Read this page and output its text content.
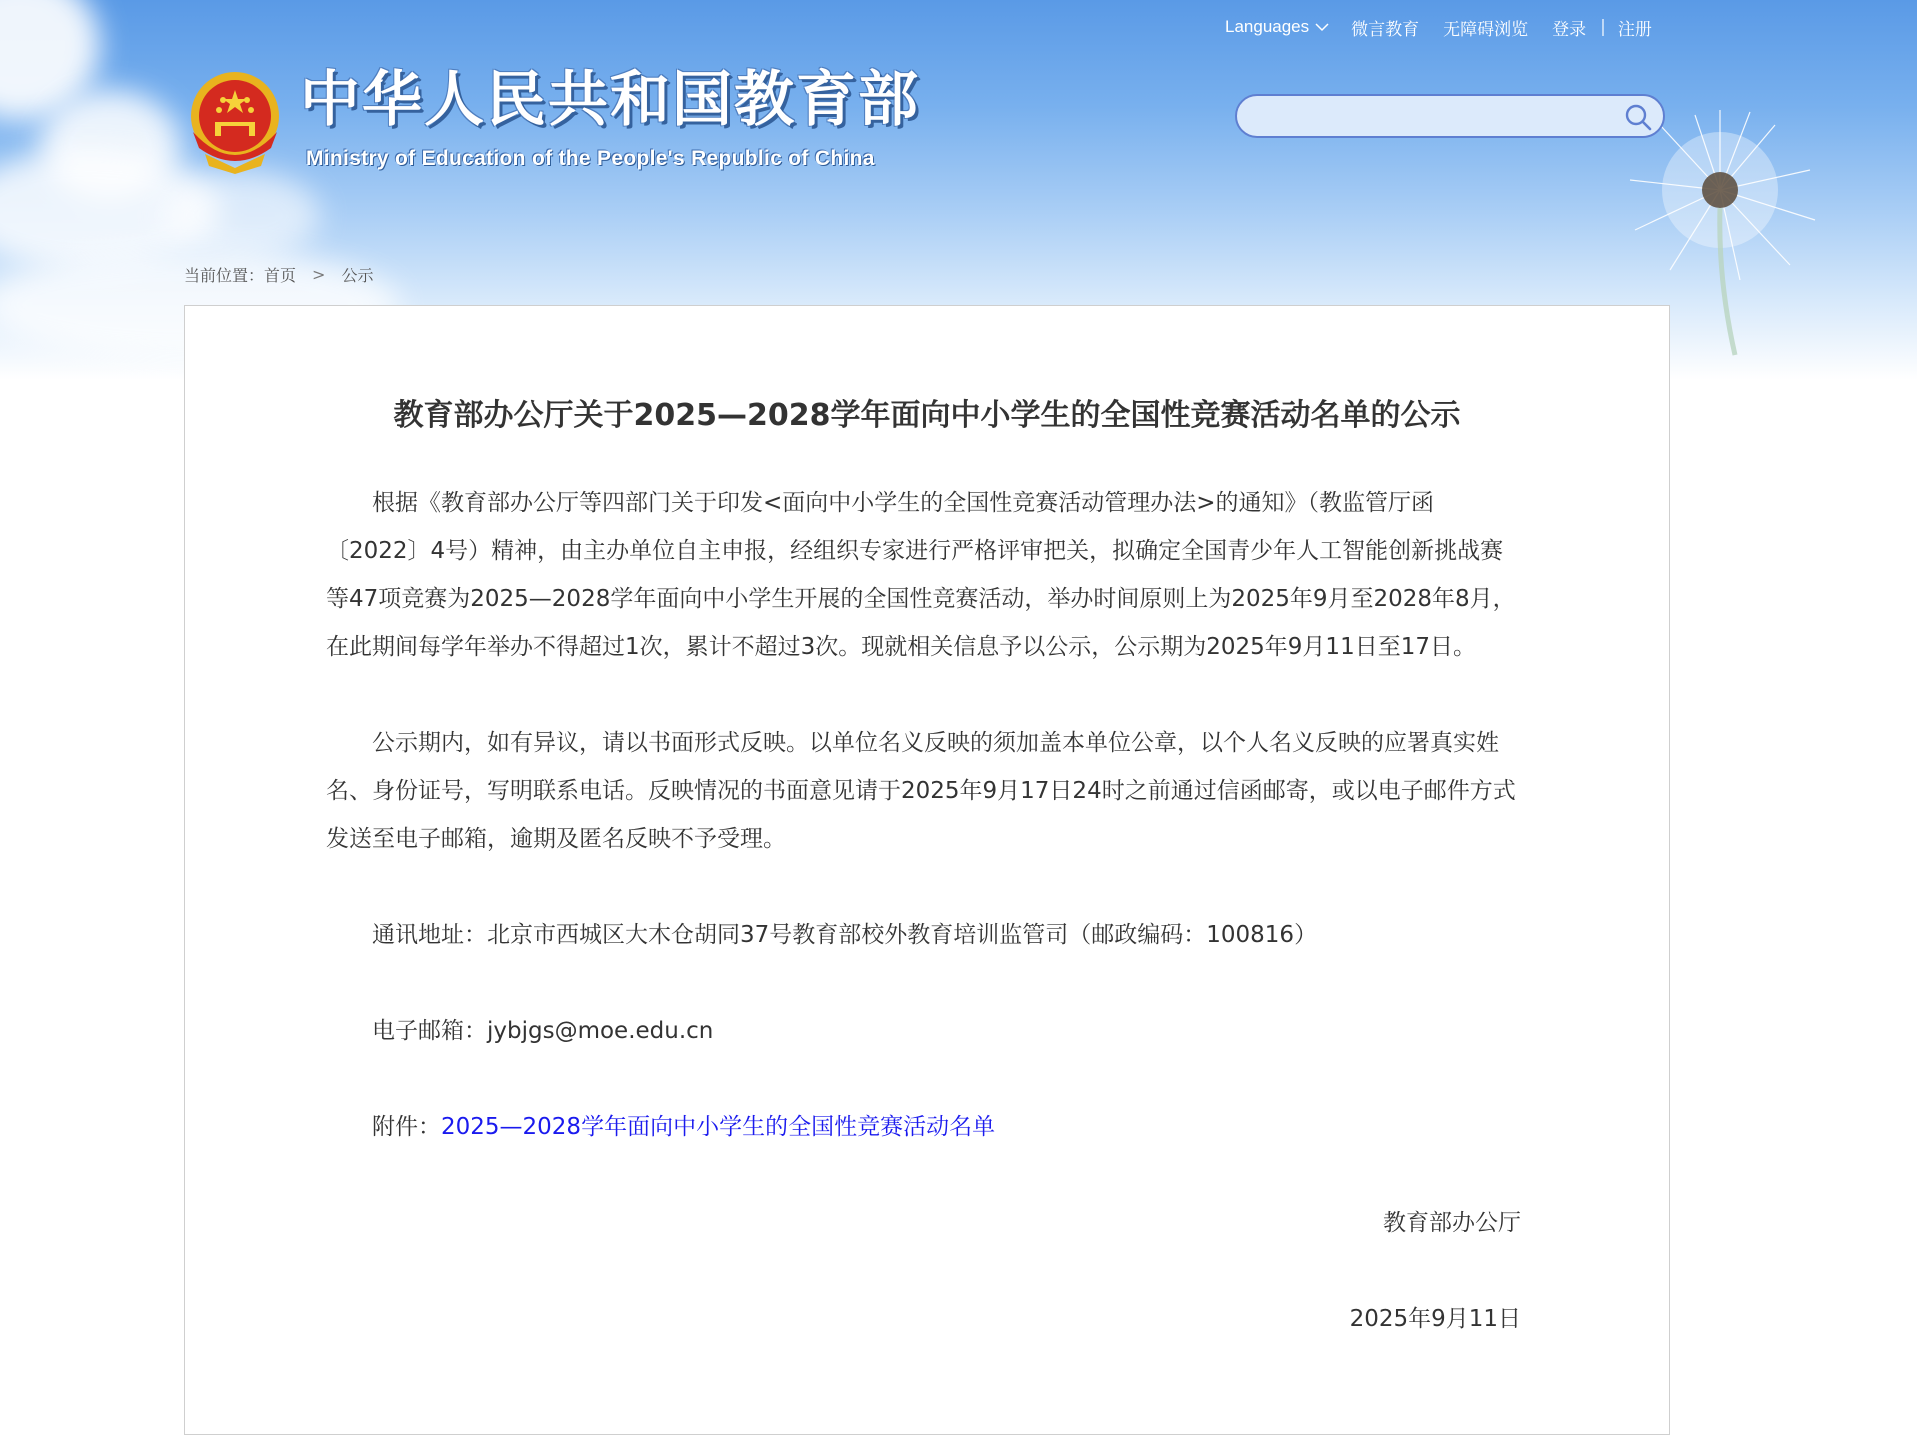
中华人民共和国教育部
Ministry of Education of the People's Republic of China
Languages 微言教育 无障碍浏览 登录 | 注册
当前位置： 首页 > 公示
教育部办公厅关于2025—2028学年面向中小学生的全国性竞赛活动名单的公示

根据《教育部办公厅等四部门关于印发<面向中小学生的全国性竞赛活动管理办法>的通知》（教监管厅函〔2022〕4号）精神，由主办单位自主申报，经组织专家进行严格评审把关，拟确定全国青少年人工智能创新挑战赛等47项竞赛为2025—2028学年面向中小学生开展的全国性竞赛活动，举办时间原则上为2025年9月至2028年8月，在此期间每学年举办不得超过1次，累计不超过3次。现就相关信息予以公示，公示期为2025年9月11日至17日。

公示期内，如有异议，请以书面形式反映。以单位名义反映的须加盖本单位公章，以个人名义反映的应署真实姓名、身份证号，写明联系电话。反映情况的书面意见请于2025年9月17日24时之前通过信函邮寄，或以电子邮件方式发送至电子邮箱，逾期及匿名反映不予受理。

通讯地址：北京市西城区大木仓胡同37号教育部校外教育培训监管司（邮政编码：100816）

电子邮箱：jybjgs@moe.edu.cn

附件：2025—2028学年面向中小学生的全国性竞赛活动名单

教育部办公厅

2025年9月11日
